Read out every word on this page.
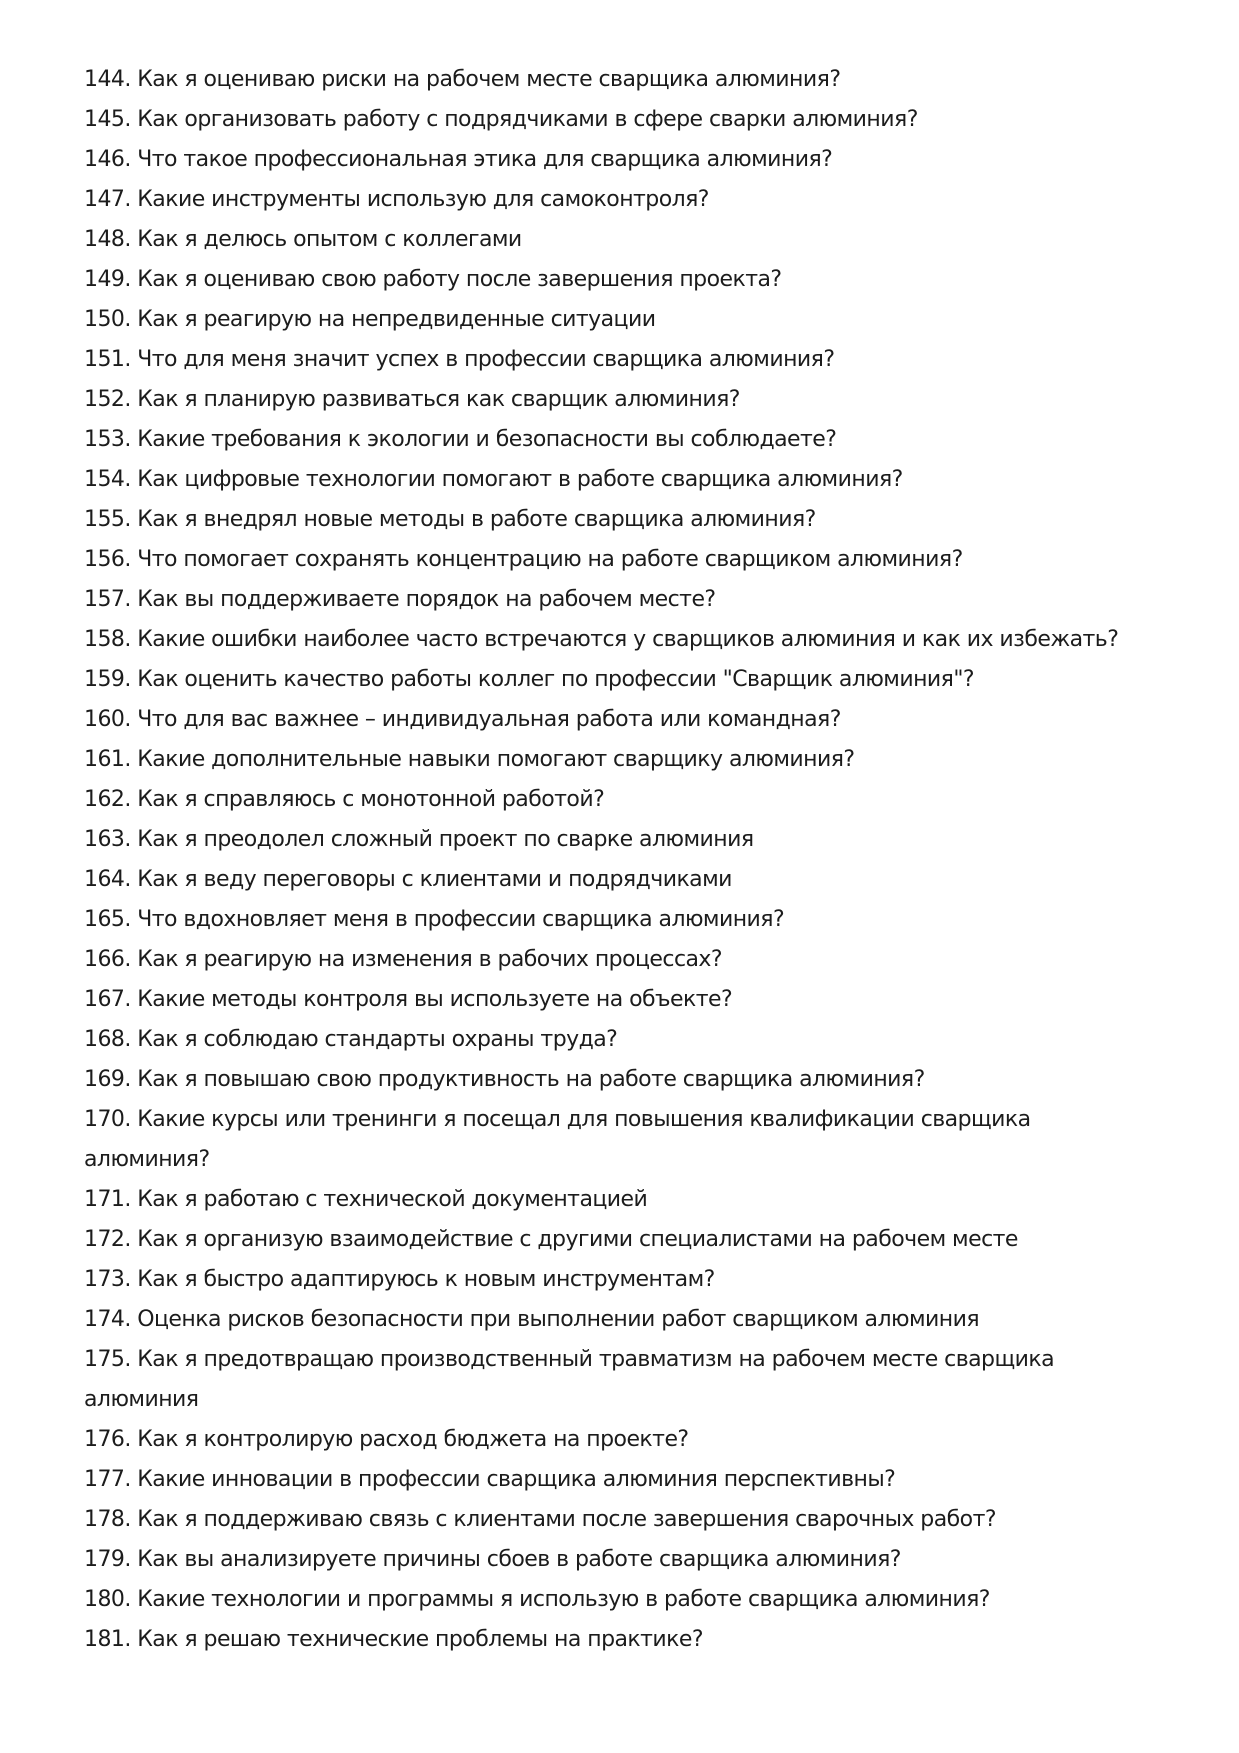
144. Как я оцениваю риски на рабочем месте сварщика алюминия?
145. Как организовать работу с подрядчиками в сфере сварки алюминия?
146. Что такое профессиональная этика для сварщика алюминия?
147. Какие инструменты использую для самоконтроля?
148. Как я делюсь опытом с коллегами
149. Как я оцениваю свою работу после завершения проекта?
150. Как я реагирую на непредвиденные ситуации
151. Что для меня значит успех в профессии сварщика алюминия?
152. Как я планирую развиваться как сварщик алюминия?
153. Какие требования к экологии и безопасности вы соблюдаете?
154. Как цифровые технологии помогают в работе сварщика алюминия?
155. Как я внедрял новые методы в работе сварщика алюминия?
156. Что помогает сохранять концентрацию на работе сварщиком алюминия?
157. Как вы поддерживаете порядок на рабочем месте?
158. Какие ошибки наиболее часто встречаются у сварщиков алюминия и как их избежать?
159. Как оценить качество работы коллег по профессии "Сварщик алюминия"?
160. Что для вас важнее – индивидуальная работа или командная?
161. Какие дополнительные навыки помогают сварщику алюминия?
162. Как я справляюсь с монотонной работой?
163. Как я преодолел сложный проект по сварке алюминия
164. Как я веду переговоры с клиентами и подрядчиками
165. Что вдохновляет меня в профессии сварщика алюминия?
166. Как я реагирую на изменения в рабочих процессах?
167. Какие методы контроля вы используете на объекте?
168. Как я соблюдаю стандарты охраны труда?
169. Как я повышаю свою продуктивность на работе сварщика алюминия?
170. Какие курсы или тренинги я посещал для повышения квалификации сварщика алюминия?
171. Как я работаю с технической документацией
172. Как я организую взаимодействие с другими специалистами на рабочем месте
173. Как я быстро адаптируюсь к новым инструментам?
174. Оценка рисков безопасности при выполнении работ сварщиком алюминия
175. Как я предотвращаю производственный травматизм на рабочем месте сварщика алюминия
176. Как я контролирую расход бюджета на проекте?
177. Какие инновации в профессии сварщика алюминия перспективны?
178. Как я поддерживаю связь с клиентами после завершения сварочных работ?
179. Как вы анализируете причины сбоев в работе сварщика алюминия?
180. Какие технологии и программы я использую в работе сварщика алюминия?
181. Как я решаю технические проблемы на практике?
